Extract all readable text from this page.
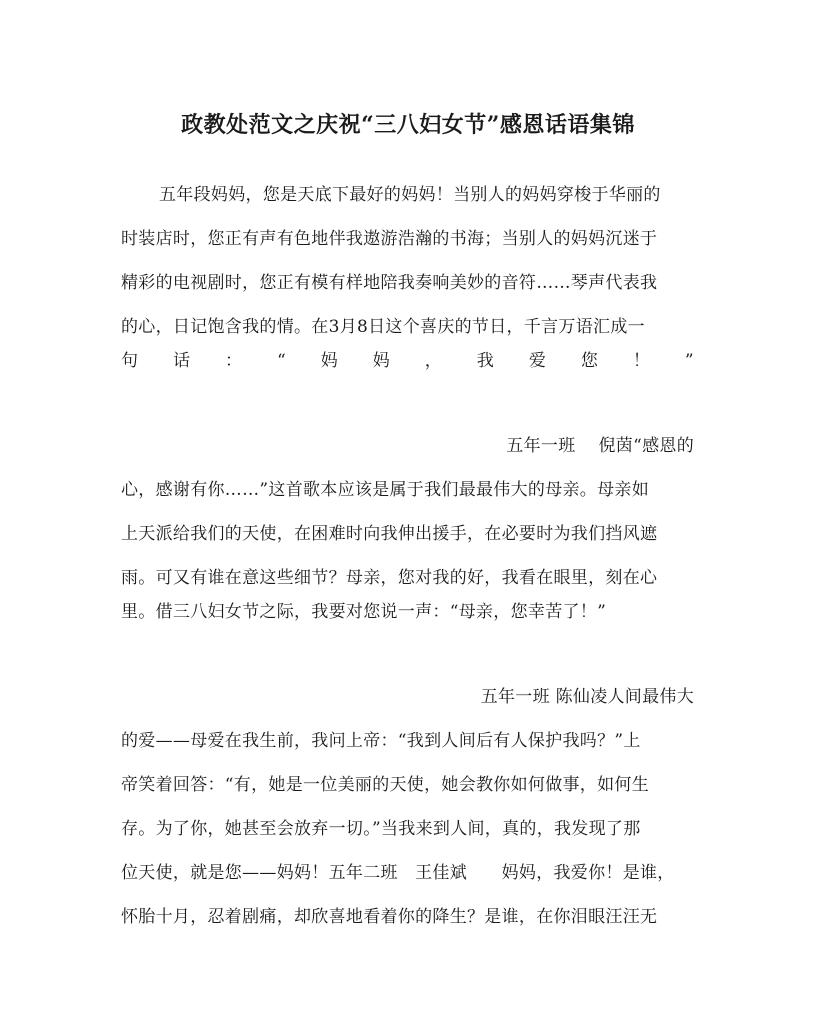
政教处范文之庆祝“三八妇女节”感恩话语集锦
五年段妈妈，您是天底下最好的妈妈！当别人的妈妈穿梭于华丽的
时装店时，您正有声有色地伴我遨游浩瀚的书海；当别人的妈妈沉迷于
精彩的电视剧时，您正有模有样地陪我奏响美妙的音符……琴声代表我
的心，日记饱含我的情。在3月8日这个喜庆的节日，千言万语汇成一
句 话 ： “ 妈 妈 ， 我 爱 您 ！ ”
五年一班　 倪茵“感恩的
心，感谢有你……”这首歌本应该是属于我们最最伟大的母亲。母亲如
上天派给我们的天使，在困难时向我伸出援手，在必要时为我们挡风遮
雨。可又有谁在意这些细节？母亲，您对我的好，我看在眼里，刻在心
里。借三八妇女节之际，我要对您说一声：“母亲，您幸苦了！”
五年一班 陈仙凌人间最伟大
的爱——母爱在我生前，我问上帝：“我到人间后有人保护我吗？”上
帝笑着回答：“有，她是一位美丽的天使，她会教你如何做事，如何生
存。为了你，她甚至会放弃一切。”当我来到人间，真的，我发现了那
位天使，就是您——妈妈！五年二班　王佳斌　　妈妈，我爱你！是谁，
怀胎十月，忍着剧痛，却欣喜地看着你的降生？是谁，在你泪眼汪汪无
